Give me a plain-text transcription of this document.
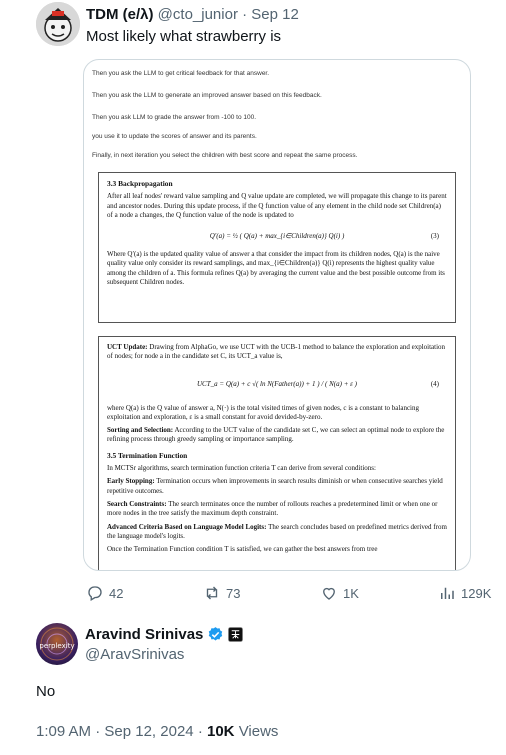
TDM (e/λ) @cto_junior · Sep 12
Most likely what strawberry is
Then you ask the LLM to get critical feedback for that answer.
Then you ask the LLM to generate an improved answer based on this feedback.
Then you ask LLM to grade the answer from -100 to 100.
you use it to update the scores of answer and its parents.
Finally, in next iteration you select the children with best score and repeat the same process.

3.3 Backpropagation

After all leaf nodes' reward value sampling and Q value update are completed, we will propagate this change to its parent and ancestor nodes. During this update process, if the Q function value of any element in the child node set Children(a) of a node a changes, the Q function value of the node is updated to

Q′(a) = ½ ( Q(a) + max_{i∈Children(a)} Q(i) )	(3)

Where Q′(a) is the updated quality value of answer a that consider the impact from its children nodes, Q(a) is the naive quality value only consider its reward samplings, and max_{i∈Children(a)} Q(i) represents the highest quality value among the children of a. This formula refines Q(a) by averaging the current value and the best possible outcome from its subsequent Children nodes.

UCT Update: Drawing from AlphaGo, we use UCT with the UCB-1 method to balance the exploration and exploitation of nodes; for node a in the candidate set C, its UCT_a value is,

UCT_a = Q(a) + c √( ln N(Father(a)) + 1 ) / ( N(a) + ε )	(4)

where Q(a) is the Q value of answer a, N(·) is the total visited times of given nodes, c is a constant to balancing exploitation and exploration, ε is a small constant for avoid devided-by-zero.

Sorting and Selection: According to the UCT value of the candidate set C, we can select an optimal node to explore the refining process through greedy sampling or importance sampling.

3.5 Termination Function

In MCTSr algorithms, search termination function criteria T can derive from several conditions:

Early Stopping: Termination occurs when improvements in search results diminish or when consecutive searches yield repetitive outcomes.

Search Constraints: The search terminates once the number of rollouts reaches a predetermined limit or when one or more nodes in the tree satisfy the maximum depth constraint.

Advanced Criteria Based on Language Model Logits: The search concludes based on predefined metrics derived from the language model's logits.

Once the Termination Function condition T is satisfied, we can gather the best answers from tree

42	73	1K	129K
perplexity
Aravind Srinivas
@AravSrinivas
No
1:09 AM · Sep 12, 2024 · 10K Views
